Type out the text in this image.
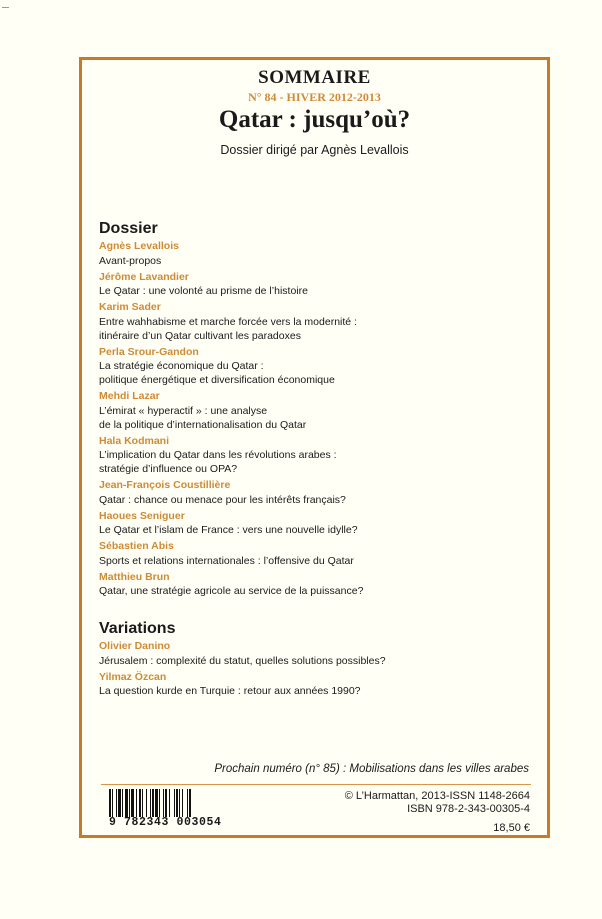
SOMMAIRE
N° 84 - HIVER 2012-2013
Qatar : jusqu’où?
Dossier dirigé par Agnès Levallois
Dossier
Agnès Levallois
Avant-propos
Jérôme Lavandier
Le Qatar : une volonté au prisme de l’histoire
Karim Sader
Entre wahhabisme et marche forcée vers la modernité :
itinéraire d’un Qatar cultivant les paradoxes
Perla Srour-Gandon
La stratégie économique du Qatar :
politique énergétique et diversification économique
Mehdi Lazar
L’émirat « hyperactif » : une analyse
de la politique d’internationalisation du Qatar
Hala Kodmani
L’implication du Qatar dans les révolutions arabes :
stratégie d’influence ou OPA?
Jean-François Coustillière
Qatar : chance ou menace pour les intérêts français?
Haoues Seniguer
Le Qatar et l’islam de France : vers une nouvelle idylle?
Sébastien Abis
Sports et relations internationales : l’offensive du Qatar
Matthieu Brun
Qatar, une stratégie agricole au service de la puissance?
Variations
Olivier Danino
Jérusalem : complexité du statut, quelles solutions possibles?
Yilmaz Özcan
La question kurde en Turquie : retour aux années 1990?
Prochain numéro (n° 85) : Mobilisations dans les villes arabes
9 782343 003054
© L’Harmattan, 2013-ISSN 1148-2664
ISBN 978-2-343-00305-4
18,50 €
